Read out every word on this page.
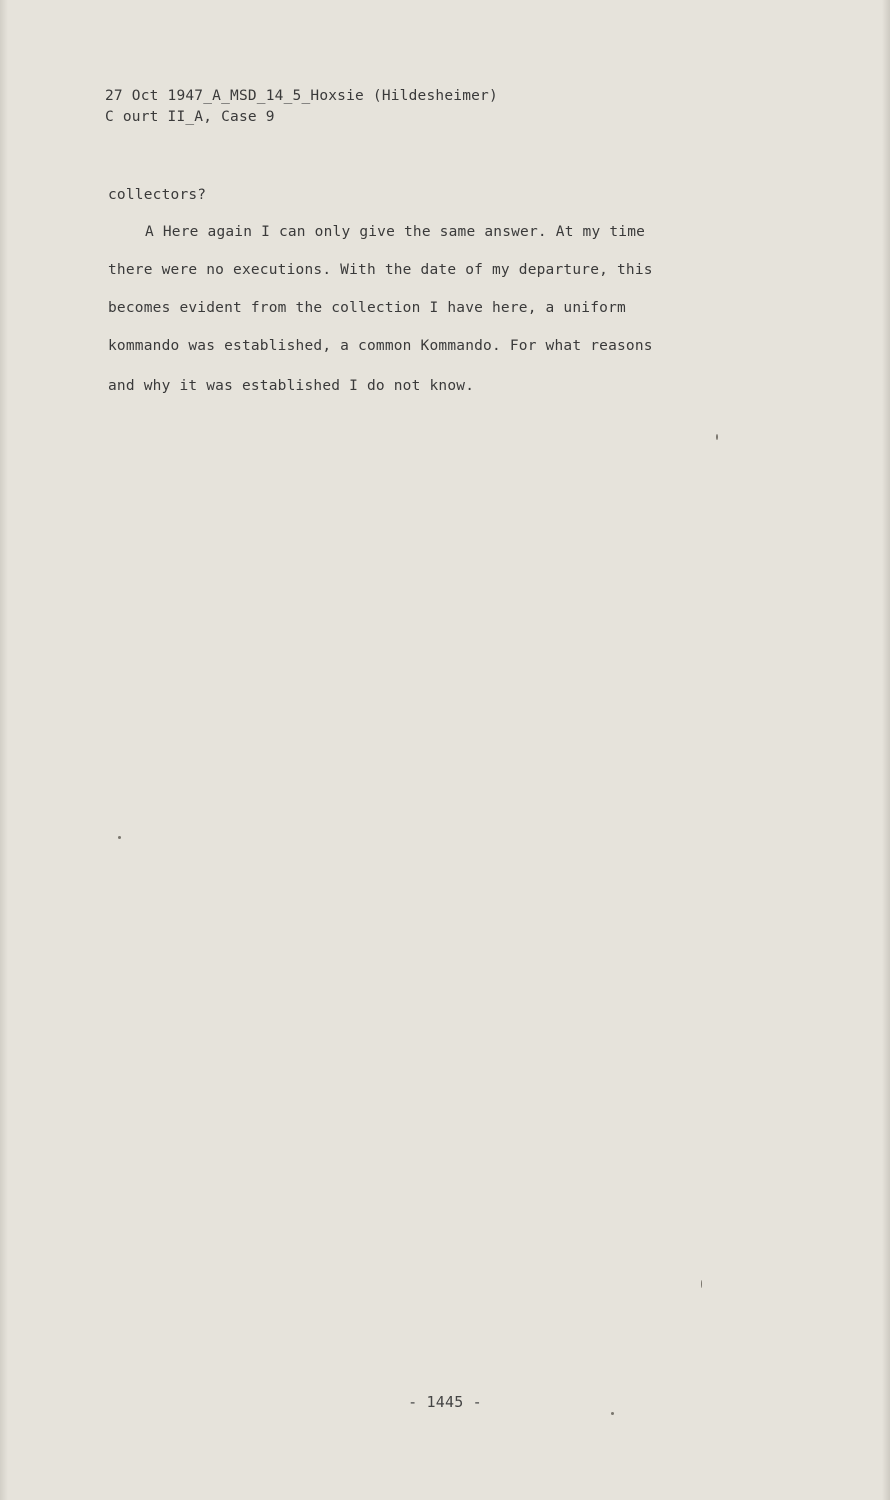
27 Oct 1947_A_MSD_14_5_Hoxsie (Hildesheimer)
C ourt II_A, Case 9
collectors?
A Here again I can only give the same answer. At my time
there were no executions. With the date of my departure, this
becomes evident from the collection I have here, a uniform
kommando was established, a common Kommando. For what reasons
and why it was established I do not know.
- 1445 -
